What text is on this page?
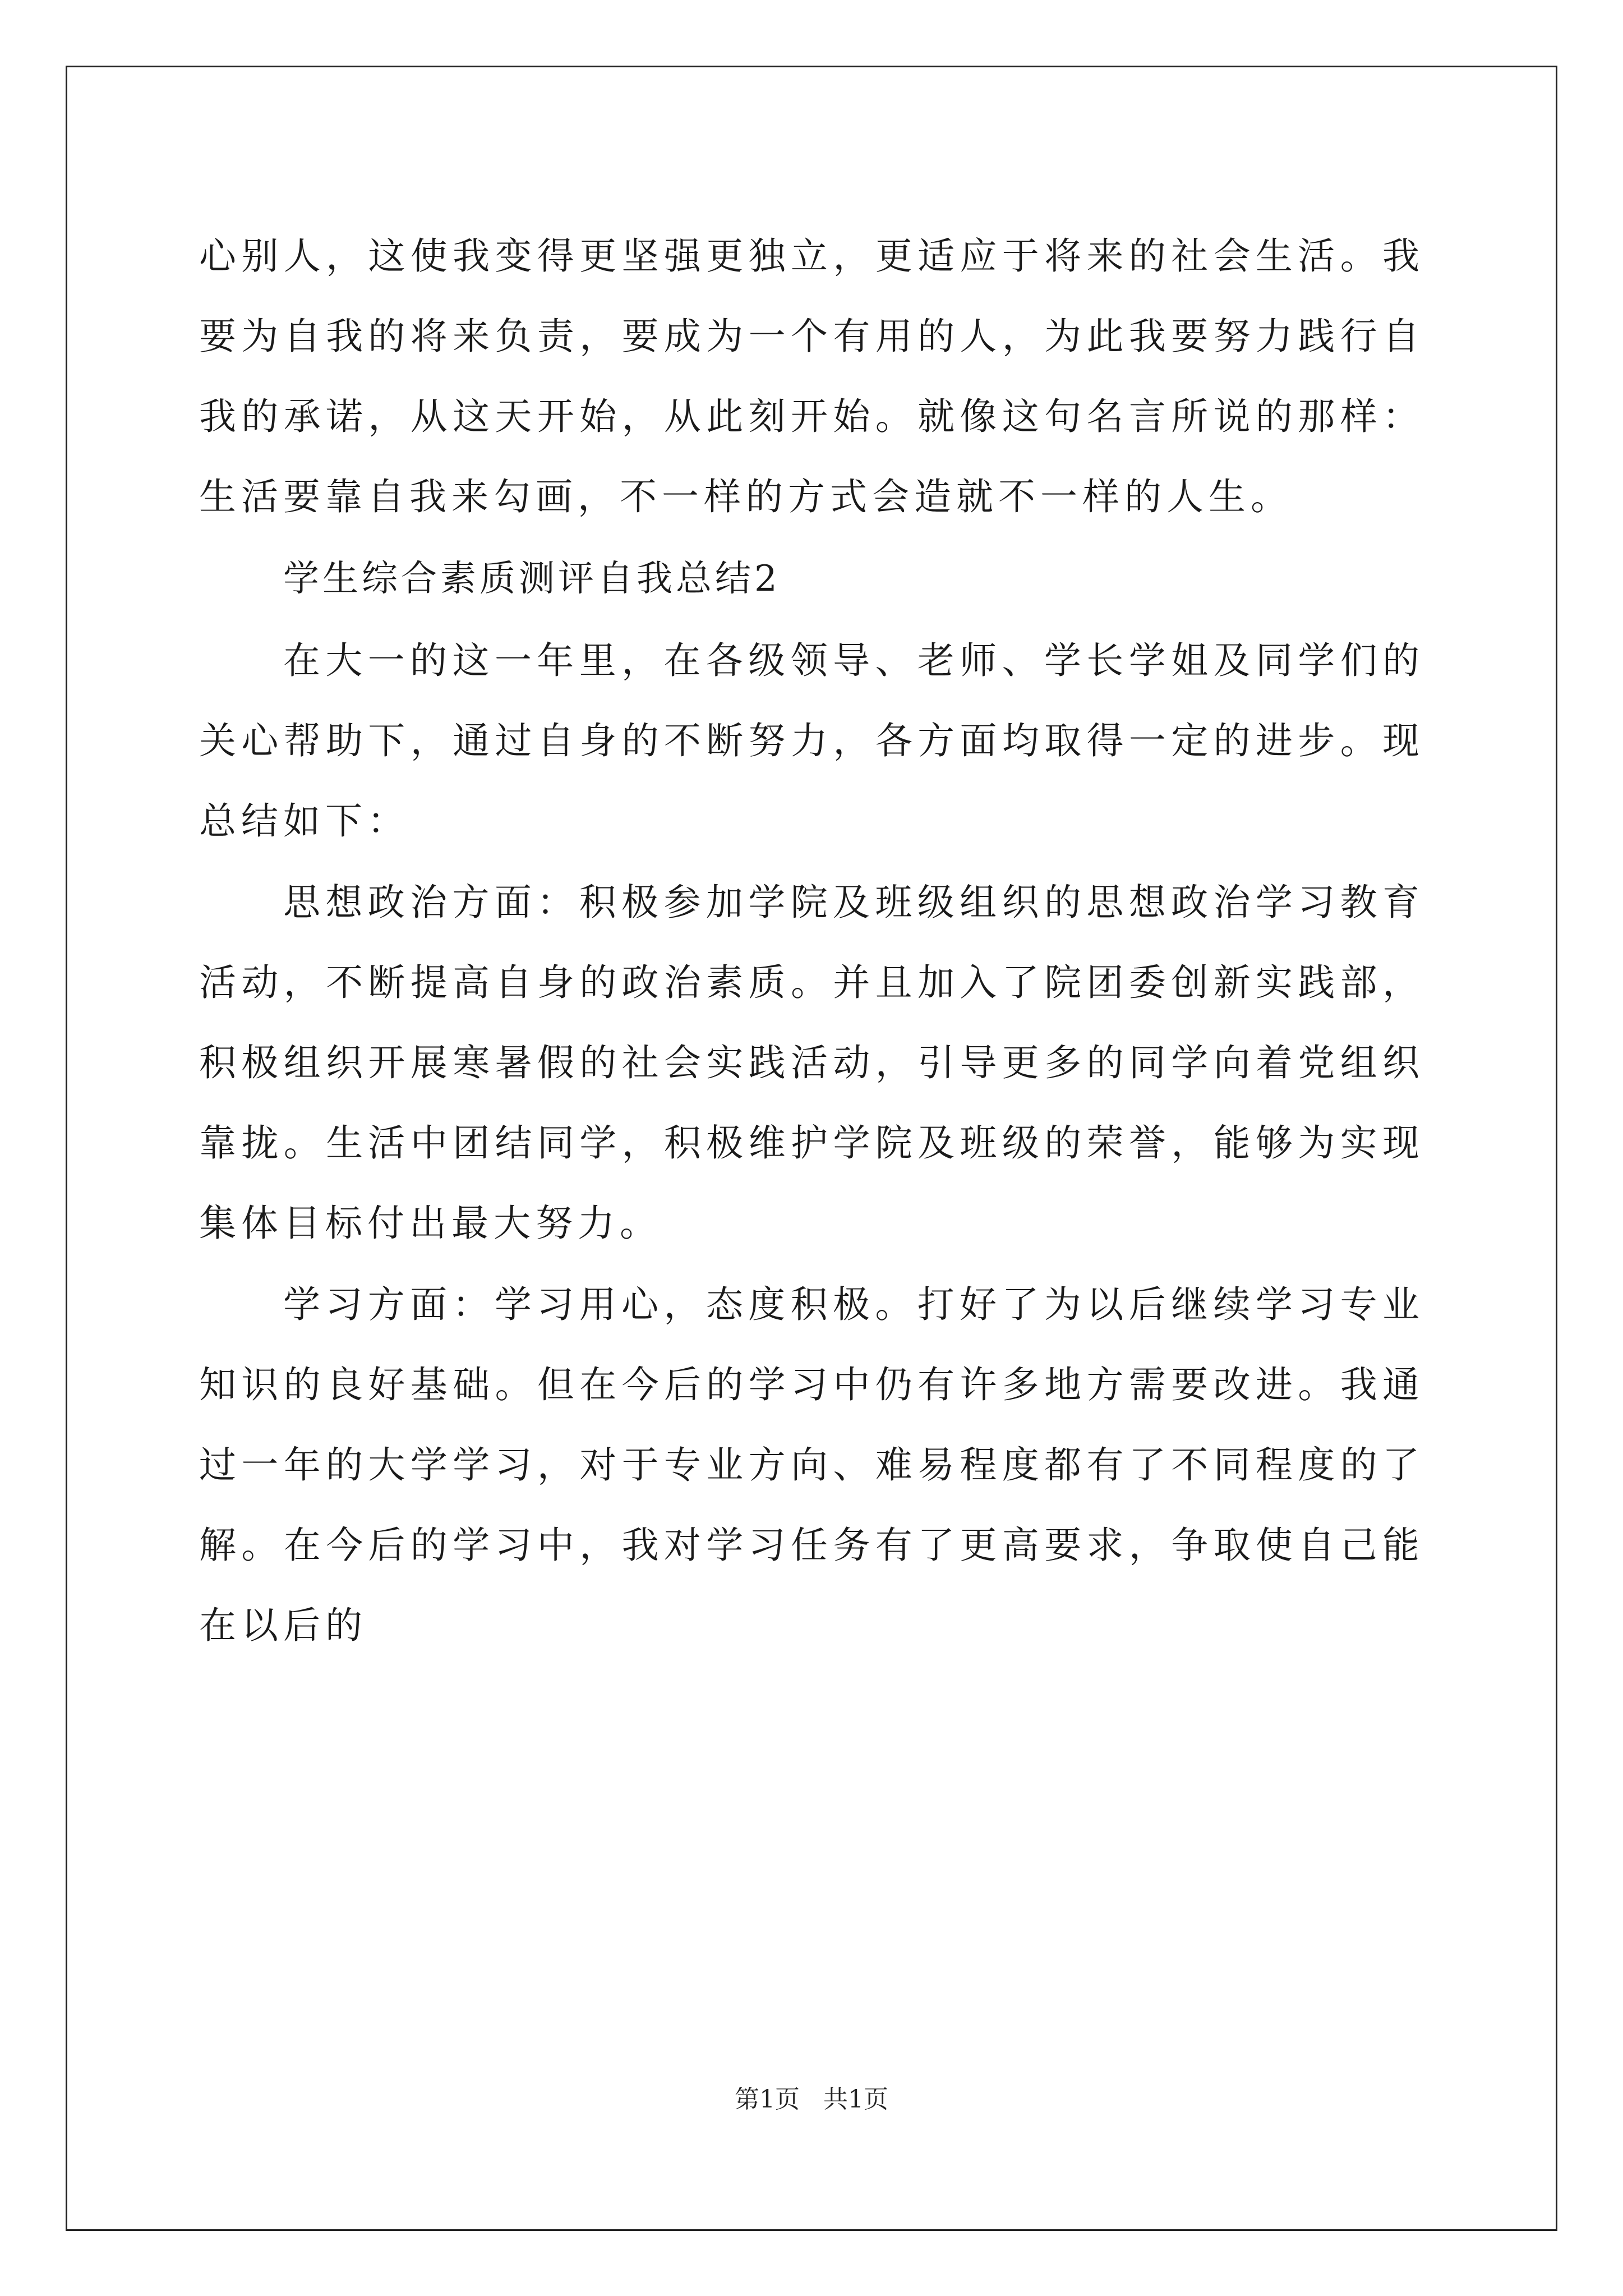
心别人，这使我变得更坚强更独立，更适应于将来的社会生活。我要为自我的将来负责，要成为一个有用的人，为此我要努力践行自我的承诺，从这天开始，从此刻开始。就像这句名言所说的那样：生活要靠自我来勾画，不一样的方式会造就不一样的人生。

学生综合素质测评自我总结2

在大一的这一年里，在各级领导、老师、学长学姐及同学们的关心帮助下，通过自身的不断努力，各方面均取得一定的进步。现总结如下：

思想政治方面：积极参加学院及班级组织的思想政治学习教育活动，不断提高自身的政治素质。并且加入了院团委创新实践部，积极组织开展寒暑假的社会实践活动，引导更多的同学向着党组织靠拢。生活中团结同学，积极维护学院及班级的荣誉，能够为实现集体目标付出最大努力。

学习方面：学习用心，态度积极。打好了为以后继续学习专业知识的良好基础。但在今后的学习中仍有许多地方需要改进。我通过一年的大学学习，对于专业方向、难易程度都有了不同程度的了解。在今后的学习中，我对学习任务有了更高要求，争取使自己能在以后的

第1页   共1页
